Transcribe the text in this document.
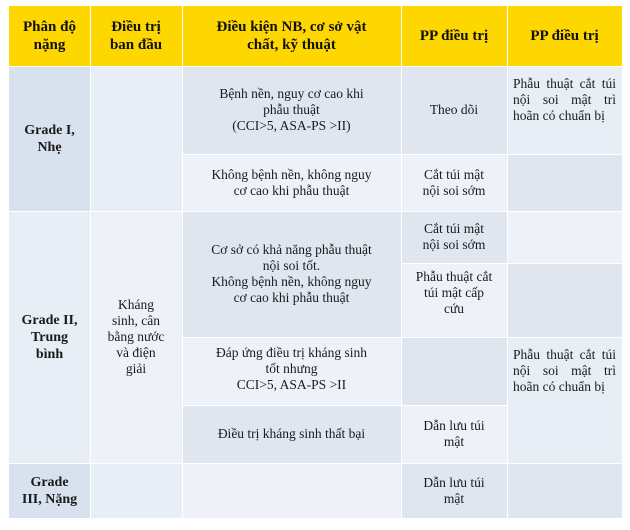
Phân độ
nặng
Điều trị
ban đầu
Điều kiện NB, cơ sở vật
chất, kỹ thuật
PP điều trị	PP điều trị
Grade I,
Nhẹ
Grade II,
Trung
bình
Grade
III, Nặng
Kháng
sinh, cân
bằng nước
và điện
giải
Bệnh nền, nguy cơ cao khi
phẫu thuật
(CCI>5, ASA-PS >II)
Không bệnh nền, không nguy
cơ cao khi phẫu thuật
Cơ sở có khả năng phẫu thuật
nội soi tốt.
Không bệnh nền, không nguy
cơ cao khi phẫu thuật
Đáp ứng điều trị kháng sinh
tốt nhưng
CCI>5, ASA-PS >II
Điều trị kháng sinh thất bại
Theo dõi
Cắt túi mật
nội soi sớm
Cắt túi mật
nội soi sớm
Phẫu thuật cắt
túi mật cấp
cứu
Dẫn lưu túi
mật
Dẫn lưu túi
mật
Phẫu thuật cắt túi nội soi mật trì hoãn có chuẩn bị
Phẫu thuật cắt túi nội soi mật trì hoãn có chuẩn bị
